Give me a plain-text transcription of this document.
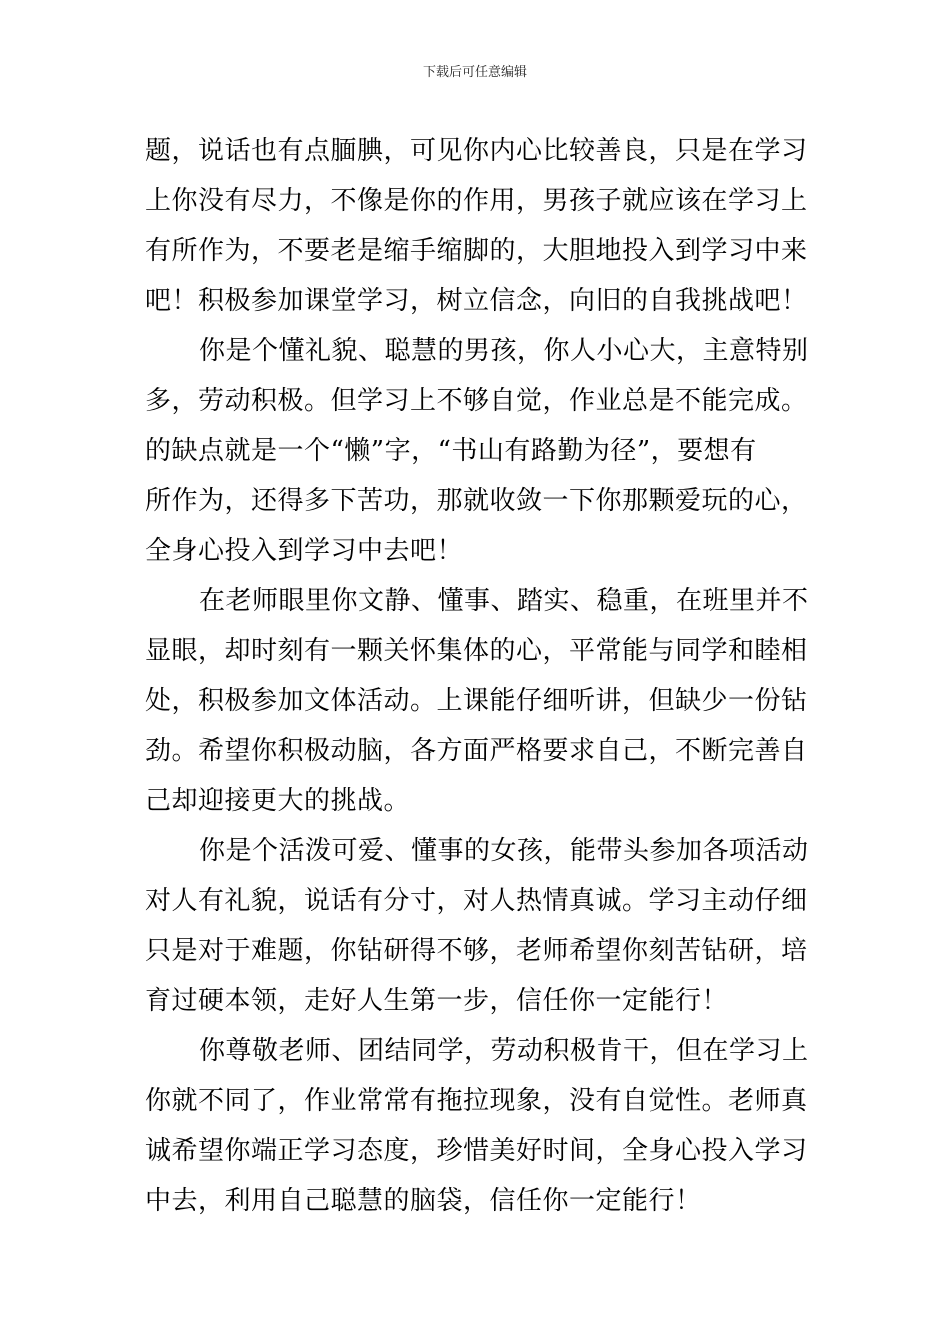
下载后可任意编辑
题，说话也有点腼腆，可见你内心比较善良，只是在学习
上你没有尽力，不像是你的作用，男孩子就应该在学习上
有所作为，不要老是缩手缩脚的，大胆地投入到学习中来
吧！积极参加课堂学习，树立信念，向旧的自我挑战吧！
你是个懂礼貌、聪慧的男孩，你人小心大，主意特别
多，劳动积极。但学习上不够自觉，作业总是不能完成。
的缺点就是一个“懒”字，“书山有路勤为径”，要想有
所作为，还得多下苦功，那就收敛一下你那颗爱玩的心，
全身心投入到学习中去吧！
在老师眼里你文静、懂事、踏实、稳重，在班里并不
显眼，却时刻有一颗关怀集体的心，平常能与同学和睦相
处，积极参加文体活动。上课能仔细听讲，但缺少一份钻
劲。希望你积极动脑，各方面严格要求自己，不断完善自
己却迎接更大的挑战。
你是个活泼可爱、懂事的女孩，能带头参加各项活动
对人有礼貌，说话有分寸，对人热情真诚。学习主动仔细
只是对于难题，你钻研得不够，老师希望你刻苦钻研，培
育过硬本领，走好人生第一步，信任你一定能行！
你尊敬老师、团结同学，劳动积极肯干，但在学习上
你就不同了，作业常常有拖拉现象，没有自觉性。老师真
诚希望你端正学习态度，珍惜美好时间，全身心投入学习
中去，利用自己聪慧的脑袋，信任你一定能行！
